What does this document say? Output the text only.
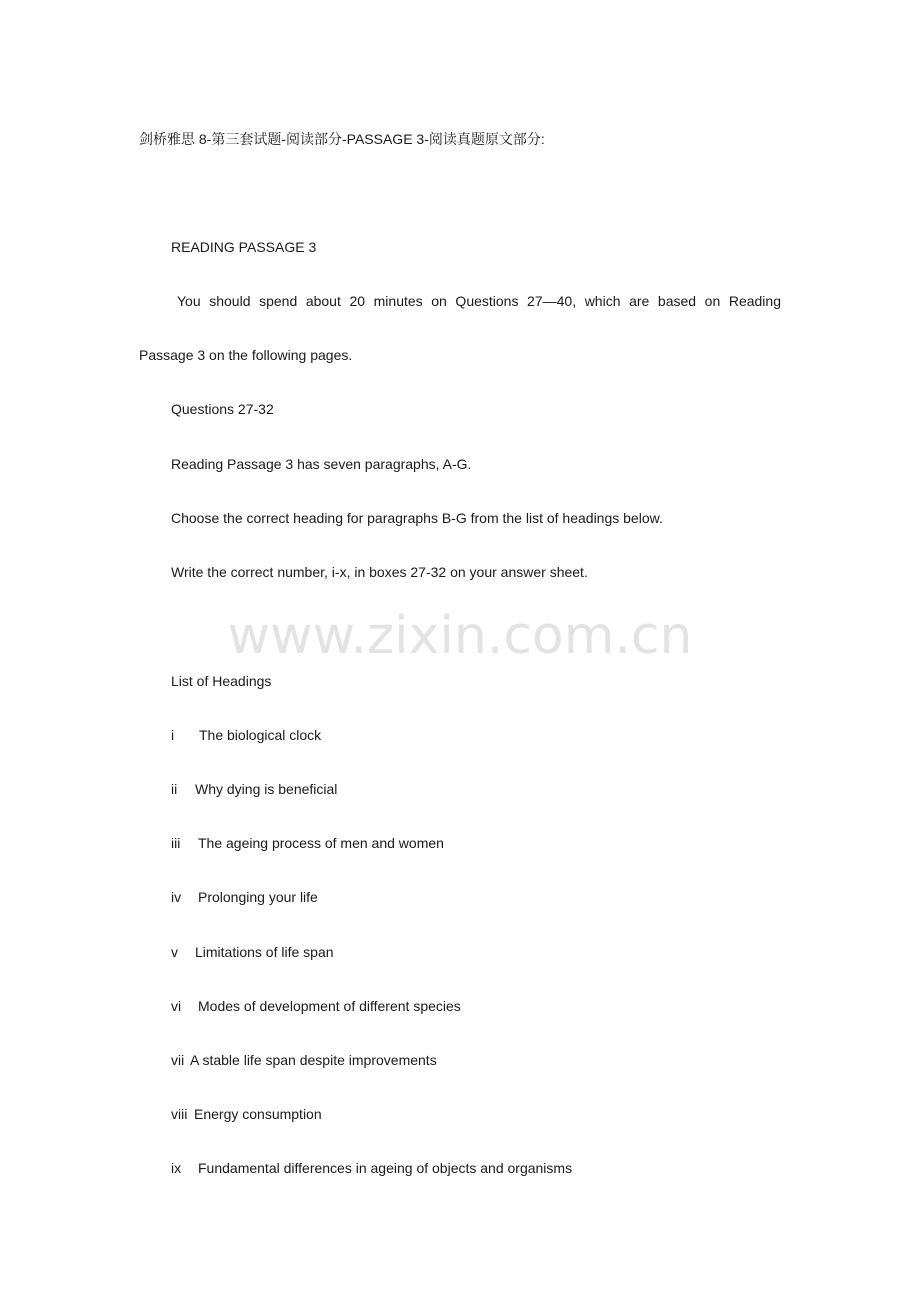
剑桥雅思 8-第三套试题-阅读部分-PASSAGE 3-阅读真题原文部分:
READING PASSAGE 3
You should spend about 20 minutes on Questions 27—40, which are based on Reading
Passage 3 on the following pages.
Questions 27-32
Reading Passage 3 has seven paragraphs, A-G.
Choose the correct heading for paragraphs B-G from the list of headings below.
Write the correct number, i-x, in boxes 27-32 on your answer sheet.
www.zixin.com.cn
List of Headings
i The biological clock
ii Why dying is beneficial
iii The ageing process of men and women
iv Prolonging your life
v Limitations of life span
vi Modes of development of different species
vii A stable life span despite improvements
viii Energy consumption
ix Fundamental differences in ageing of objects and organisms
